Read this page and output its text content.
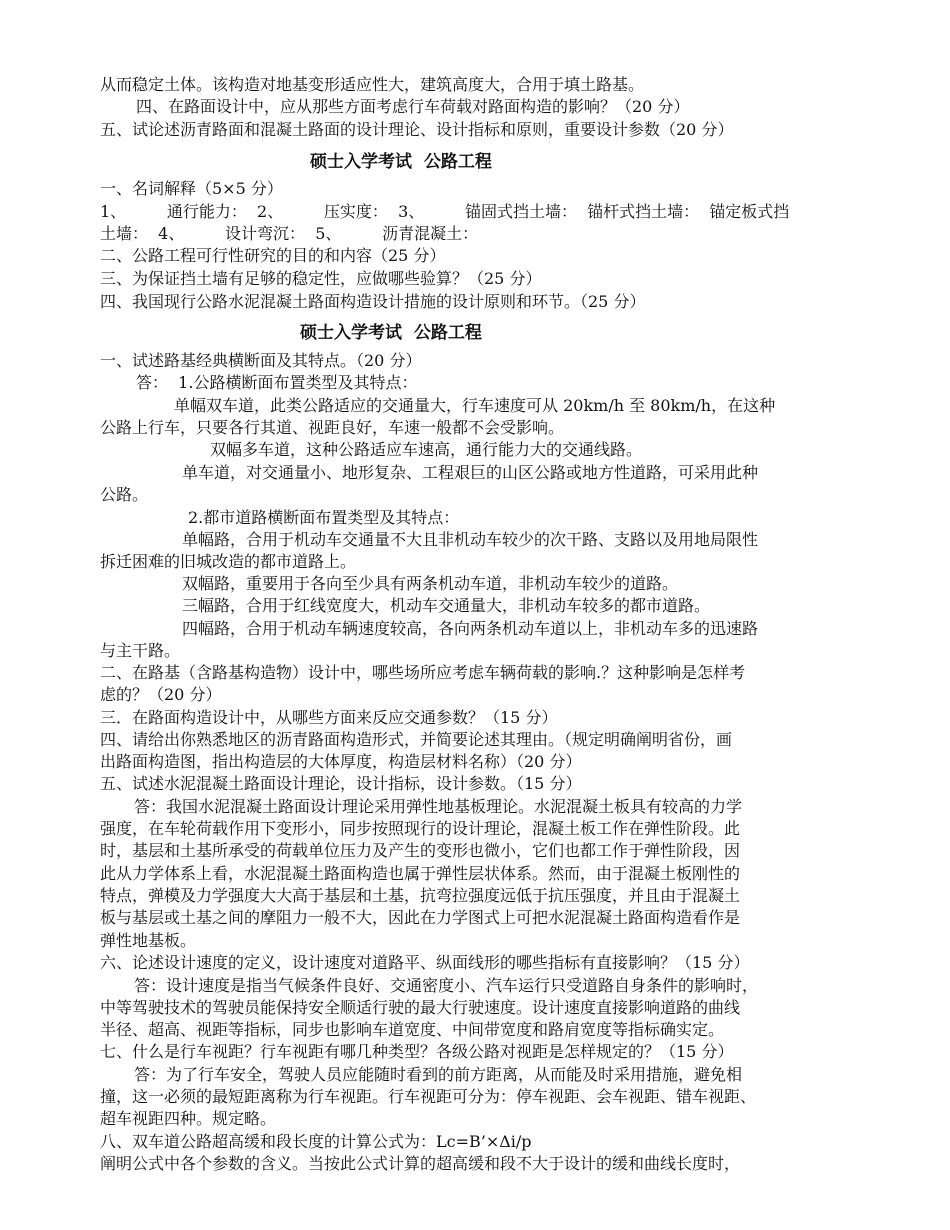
从而稳定土体。该构造对地基变形适应性大，建筑高度大，合用于填土路基。
四、在路面设计中，应从那些方面考虑行车荷载对路面构造的影响？（20 分）
五、试论述沥青路面和混凝土路面的设计理论、设计指标和原则，重要设计参数（20 分）
硕士入学考试  公路工程
一、名词解释（5×5 分）
1、        通行能力：  2、        压实度：  3、        锚固式挡土墙：  锚杆式挡土墙：  锚定板式挡
土墙：  4、        设计弯沉：  5、        沥青混凝土：
二、公路工程可行性研究的目的和内容（25 分）
三、为保证挡土墙有足够的稳定性，应做哪些验算？（25 分）
四、我国现行公路水泥混凝土路面构造设计措施的设计原则和环节。（25 分）
硕士入学考试  公路工程
一、试述路基经典横断面及其特点。（20 分）
答：  1.公路横断面布置类型及其特点：
单幅双车道，此类公路适应的交通量大，行车速度可从 20km/h 至 80km/h，在这种
公路上行车，只要各行其道、视距良好，车速一般都不会受影响。
双幅多车道，这种公路适应车速高，通行能力大的交通线路。
单车道，对交通量小、地形复杂、工程艰巨的山区公路或地方性道路，可采用此种
公路。
2.都市道路横断面布置类型及其特点：
单幅路，合用于机动车交通量不大且非机动车较少的次干路、支路以及用地局限性
拆迁困难的旧城改造的都市道路上。
双幅路，重要用于各向至少具有两条机动车道，非机动车较少的道路。
三幅路，合用于红线宽度大，机动车交通量大，非机动车较多的都市道路。
四幅路，合用于机动车辆速度较高，各向两条机动车道以上，非机动车多的迅速路
与主干路。
二、在路基（含路基构造物）设计中，哪些场所应考虑车辆荷载的影响.？这种影响是怎样考
虑的？（20 分）
三．在路面构造设计中，从哪些方面来反应交通参数？（15 分）
四、请给出你熟悉地区的沥青路面构造形式，并简要论述其理由。（规定明确阐明省份，画
出路面构造图，指出构造层的大体厚度，构造层材料名称）（20 分）
五、试述水泥混凝土路面设计理论，设计指标，设计参数。（15 分）
答：我国水泥混凝土路面设计理论采用弹性地基板理论。水泥混凝土板具有较高的力学
强度，在车轮荷载作用下变形小，同步按照现行的设计理论，混凝土板工作在弹性阶段。此
时，基层和土基所承受的荷载单位压力及产生的变形也微小，它们也都工作于弹性阶段，因
此从力学体系上看，水泥混凝土路面构造也属于弹性层状体系。然而，由于混凝土板刚性的
特点，弹模及力学强度大大高于基层和土基，抗弯拉强度远低于抗压强度，并且由于混凝土
板与基层或土基之间的摩阻力一般不大，因此在力学图式上可把水泥混凝土路面构造看作是
弹性地基板。
六、论述设计速度的定义，设计速度对道路平、纵面线形的哪些指标有直接影响？（15 分）
答：设计速度是指当气候条件良好、交通密度小、汽车运行只受道路自身条件的影响时，
中等驾驶技术的驾驶员能保持安全顺适行驶的最大行驶速度。设计速度直接影响道路的曲线
半径、超高、视距等指标，同步也影响车道宽度、中间带宽度和路肩宽度等指标确实定。
七、什么是行车视距？行车视距有哪几种类型？各级公路对视距是怎样规定的？（15 分）
答：为了行车安全，驾驶人员应能随时看到的前方距离，从而能及时采用措施，避免相
撞，这一必须的最短距离称为行车视距。行车视距可分为：停车视距、会车视距、错车视距、
超车视距四种。规定略。
八、双车道公路超高缓和段长度的计算公式为：Lc=B’×Δi/p
阐明公式中各个参数的含义。当按此公式计算的超高缓和段不大于设计的缓和曲线长度时，
